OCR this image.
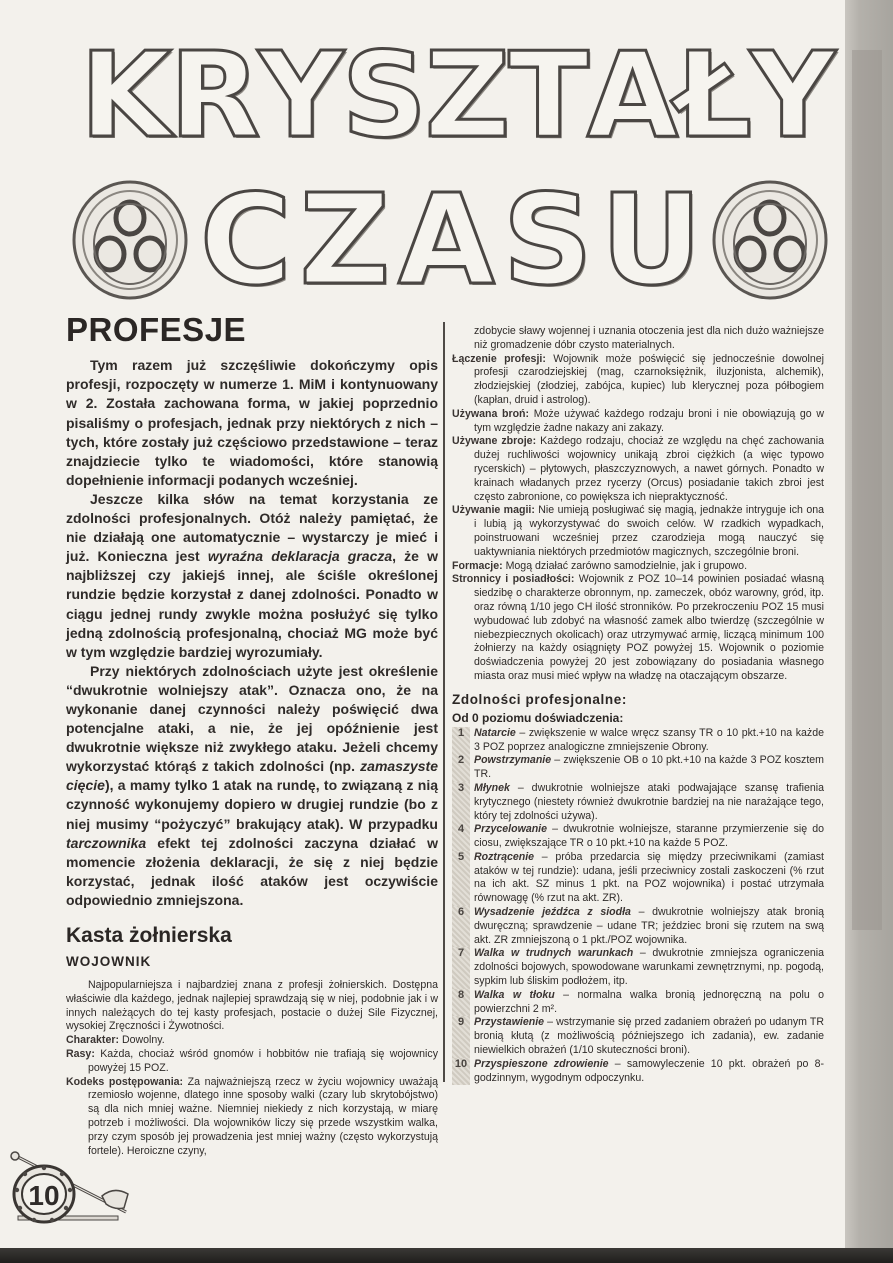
K R Y S Z T A Ł Y
C Z A S U
PROFESJE

Tym razem już szczęśliwie dokończymy opis profesji, rozpoczęty w numerze 1. MiM i kontynuowany w 2. Została zachowana forma, w jakiej poprzednio pisaliśmy o profesjach, jednak przy niektórych z nich – tych, które zostały już częściowo przedstawione – teraz znajdziecie tylko te wiadomości, które stanowią dopełnienie informacji podanych wcześniej.

Jeszcze kilka słów na temat korzystania ze zdolności profesjonalnych. Otóż należy pamiętać, że nie działają one automatycznie – wystarczy je mieć i już. Konieczna jest wyraźna deklaracja gracza, że w najbliższej czy jakiejś innej, ale ściśle określonej rundzie będzie korzystał z danej zdolności. Ponadto w ciągu jednej rundy zwykle można posłużyć się tylko jedną zdolnością profesjonalną, chociaż MG może być w tym względzie bardziej wyrozumiały.

Przy niektórych zdolnościach użyte jest określenie “dwukrotnie wolniejszy atak”. Oznacza ono, że na wykonanie danej czynności należy poświęcić dwa potencjalne ataki, a nie, że jej opóźnienie jest dwukrotnie większe niż zwykłego ataku. Jeżeli chcemy wykorzystać którąś z takich zdolności (np. zamaszyste cięcie), a mamy tylko 1 atak na rundę, to związaną z nią czynność wykonujemy dopiero w drugiej rundzie (bo z niej musimy “pożyczyć” brakujący atak). W przypadku tarczownika efekt tej zdolności zaczyna działać w momencie złożenia deklaracji, że się z niej będzie korzystać, jednak ilość ataków jest oczywiście odpowiednio zmniejszona.

Kasta żołnierska
WOJOWNIK

Najpopularniejsza i najbardziej znana z profesji żołnierskich. Dostępna właściwie dla każdego, jednak najlepiej sprawdzają się w niej, podobnie jak i w innych należących do tej kasty profesjach, postacie o dużej Sile Fizycznej, wysokiej Zręczności i Żywotności.

Charakter: Dowolny.

Rasy: Każda, chociaż wśród gnomów i hobbitów nie trafiają się wojownicy powyżej 15 POZ.

Kodeks postępowania: Za najważniejszą rzecz w życiu wojownicy uważają rzemiosło wojenne, dlatego inne sposoby walki (czary lub skrytobójstwo) są dla nich mniej ważne. Niemniej niekiedy z nich korzystają, w miarę potrzeb i możliwości. Dla wojowników liczy się przede wszystkim walka, przy czym sposób jej prowadzenia jest mniej ważny (często wykorzystują fortele). Heroiczne czyny,

zdobycie sławy wojennej i uznania otoczenia jest dla nich dużo ważniejsze niż gromadzenie dóbr czysto materialnych.

Łączenie profesji: Wojownik może poświęcić się jednocześnie dowolnej profesji czarodziejskiej (mag, czarnoksiężnik, iluzjonista, alchemik), złodziejskiej (złodziej, zabójca, kupiec) lub klerycznej poza półbogiem (kapłan, druid i astrolog).

Używana broń: Może używać każdego rodzaju broni i nie obowiązują go w tym względzie żadne nakazy ani zakazy.

Używane zbroje: Każdego rodzaju, chociaż ze względu na chęć zachowania dużej ruchliwości wojownicy unikają zbroi ciężkich (a więc typowo rycerskich) – płytowych, płaszczyznowych, a nawet górnych. Ponadto w krainach władanych przez rycerzy (Orcus) posiadanie takich zbroi jest często zabronione, co powiększa ich niepraktyczność.

Używanie magii: Nie umieją posługiwać się magią, jednakże intryguje ich ona i lubią ją wykorzystywać do swoich celów. W rzadkich wypadkach, poinstruowani wcześniej przez czarodzieja mogą nauczyć się uaktywniania niektórych przedmiotów magicznych, szczególnie broni.

Formacje: Mogą działać zarówno samodzielnie, jak i grupowo.

Stronnicy i posiadłości: Wojownik z POZ 10–14 powinien posiadać własną siedzibę o charakterze obronnym, np. zameczek, obóz warowny, gród, itp. oraz równą 1/10 jego CH ilość stronników. Po przekroczeniu POZ 15 musi wybudować lub zdobyć na własność zamek albo twierdzę (szczególnie w niebezpiecznych okolicach) oraz utrzymywać armię, liczącą minimum 100 żołnierzy na każdy osiągnięty POZ powyżej 15. Wojownik o poziomie doświadczenia powyżej 20 jest zobowiązany do posiadania własnego miasta oraz musi mieć wpływ na władzę na otaczającym obszarze.

Zdolności profesjonalne:
Od 0 poziomu doświadczenia:
1 Natarcie – zwiększenie w walce wręcz szansy TR o 10 pkt.+10 na każde 3 POZ poprzez analogiczne zmniejszenie Obrony.
2 Powstrzymanie – zwiększenie OB o 10 pkt.+10 na każde 3 POZ kosztem TR.
3 Młynek – dwukrotnie wolniejsze ataki podwajające szansę trafienia krytycznego (niestety również dwukrotnie bardziej na nie narażające tego, który tej zdolności używa).
4 Przycelowanie – dwukrotnie wolniejsze, staranne przymierzenie się do ciosu, zwiększające TR o 10 pkt.+10 na każde 5 POZ.
5 Roztrącenie – próba przedarcia się między przeciwnikami (zamiast ataków w tej rundzie): udana, jeśli przeciwnicy zostali zaskoczeni (% rzut na ich akt. SZ minus 1 pkt. na POZ wojownika) i postać utrzymała równowagę (% rzut na akt. ZR).
6 Wysadzenie jeźdźca z siodła – dwukrotnie wolniejszy atak bronią dwuręczną; sprawdzenie – udane TR; jeździec broni się rzutem na swą akt. ZR zmniejszoną o 1 pkt./POZ wojownika.
7 Walka w trudnych warunkach – dwukrotnie zmniejsza ograniczenia zdolności bojowych, spowodowane warunkami zewnętrznymi, np. pogodą, sypkim lub śliskim podłożem, itp.
8 Walka w tłoku – normalna walka bronią jednoręczną na polu o powierzchni 2 m².
9 Przystawienie – wstrzymanie się przed zadaniem obrażeń po udanym TR bronią kłutą (z możliwością późniejszego ich zadania), ew. zadanie niewielkich obrażeń (1/10 skuteczności broni).
10 Przyspieszone zdrowienie – samowyleczenie 10 pkt. obrażeń po 8-godzinnym, wygodnym odpoczynku.
10
